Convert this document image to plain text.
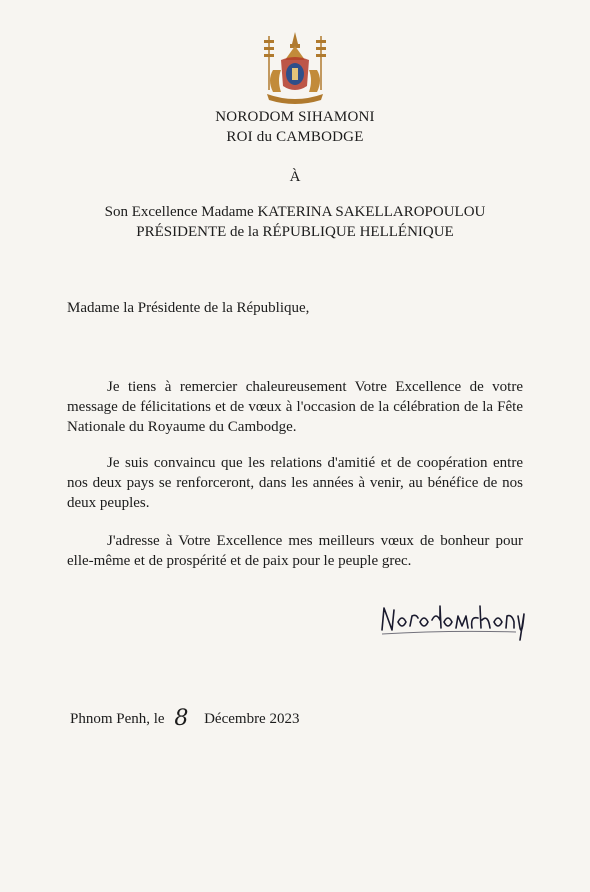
NORODOM SIHAMONI
ROI du CAMBODGE
À
Son Excellence Madame KATERINA SAKELLAROPOULOU
PRÉSIDENTE de la RÉPUBLIQUE HELLÉNIQUE
Madame la Présidente de la République,

Je tiens à remercier chaleureusement Votre Excellence de votre message de félicitations et de vœux à l'occasion de la célébration de la Fête Nationale du Royaume du Cambodge.

Je suis convaincu que les relations d'amitié et de coopération entre nos deux pays se renforceront, dans les années à venir, au bénéfice de nos deux peuples.

J'adresse à Votre Excellence mes meilleurs vœux de bonheur pour elle-même et de prospérité et de paix pour le peuple grec.

Phnom Penh, le 8 Décembre 2023
